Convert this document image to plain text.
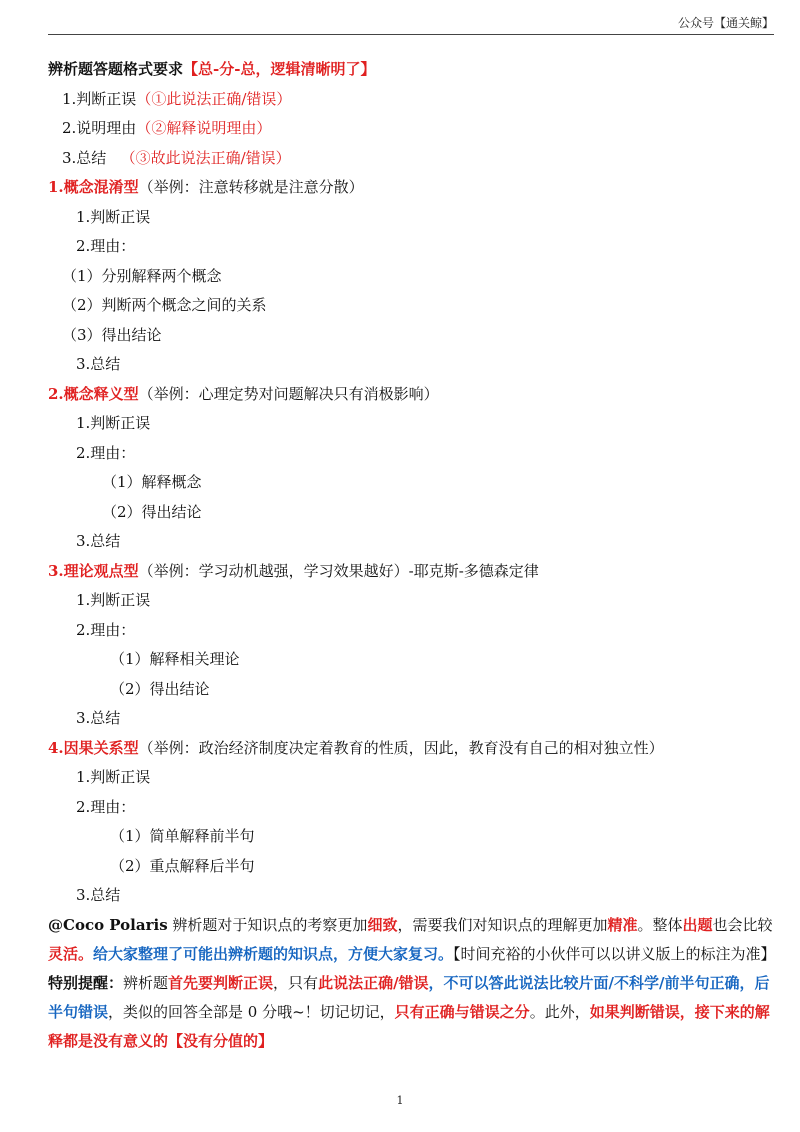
公众号【通关鲸】
辨析题答题格式要求【总-分-总，逻辑清晰明了】
1.判断正误（①此说法正确/错误）
2.说明理由（②解释说明理由）
3.总结 （③故此说法正确/错误）
1.概念混淆型（举例：注意转移就是注意分散）
1.判断正误
2.理由：
（1）分别解释两个概念
（2）判断两个概念之间的关系
（3）得出结论
3.总结
2.概念释义型（举例：心理定势对问题解决只有消极影响）
1.判断正误
2.理由：
（1）解释概念
（2）得出结论
3.总结
3.理论观点型（举例：学习动机越强，学习效果越好）-耶克斯-多德森定律
1.判断正误
2.理由：
（1）解释相关理论
（2）得出结论
3.总结
4.因果关系型（举例：政治经济制度决定着教育的性质，因此，教育没有自己的相对独立性）
1.判断正误
2.理由：
（1）简单解释前半句
（2）重点解释后半句
3.总结
@Coco Polaris 辨析题对于知识点的考察更加细致，需要我们对知识点的理解更加精准。整体出题也会比较灵活。给大家整理了可能出辨析题的知识点，方便大家复习。【时间充裕的小伙伴可以以讲义版上的标注为准】
特别提醒：辨析题首先要判断正误，只有此说法正确/错误，不可以答此说法比较片面/不科学/前半句正确，后半句错误，类似的回答全部是 0 分哦~！切记切记，只有正确与错误之分。此外，如果判断错误，接下来的解释都是没有意义的【没有分值的】
1
